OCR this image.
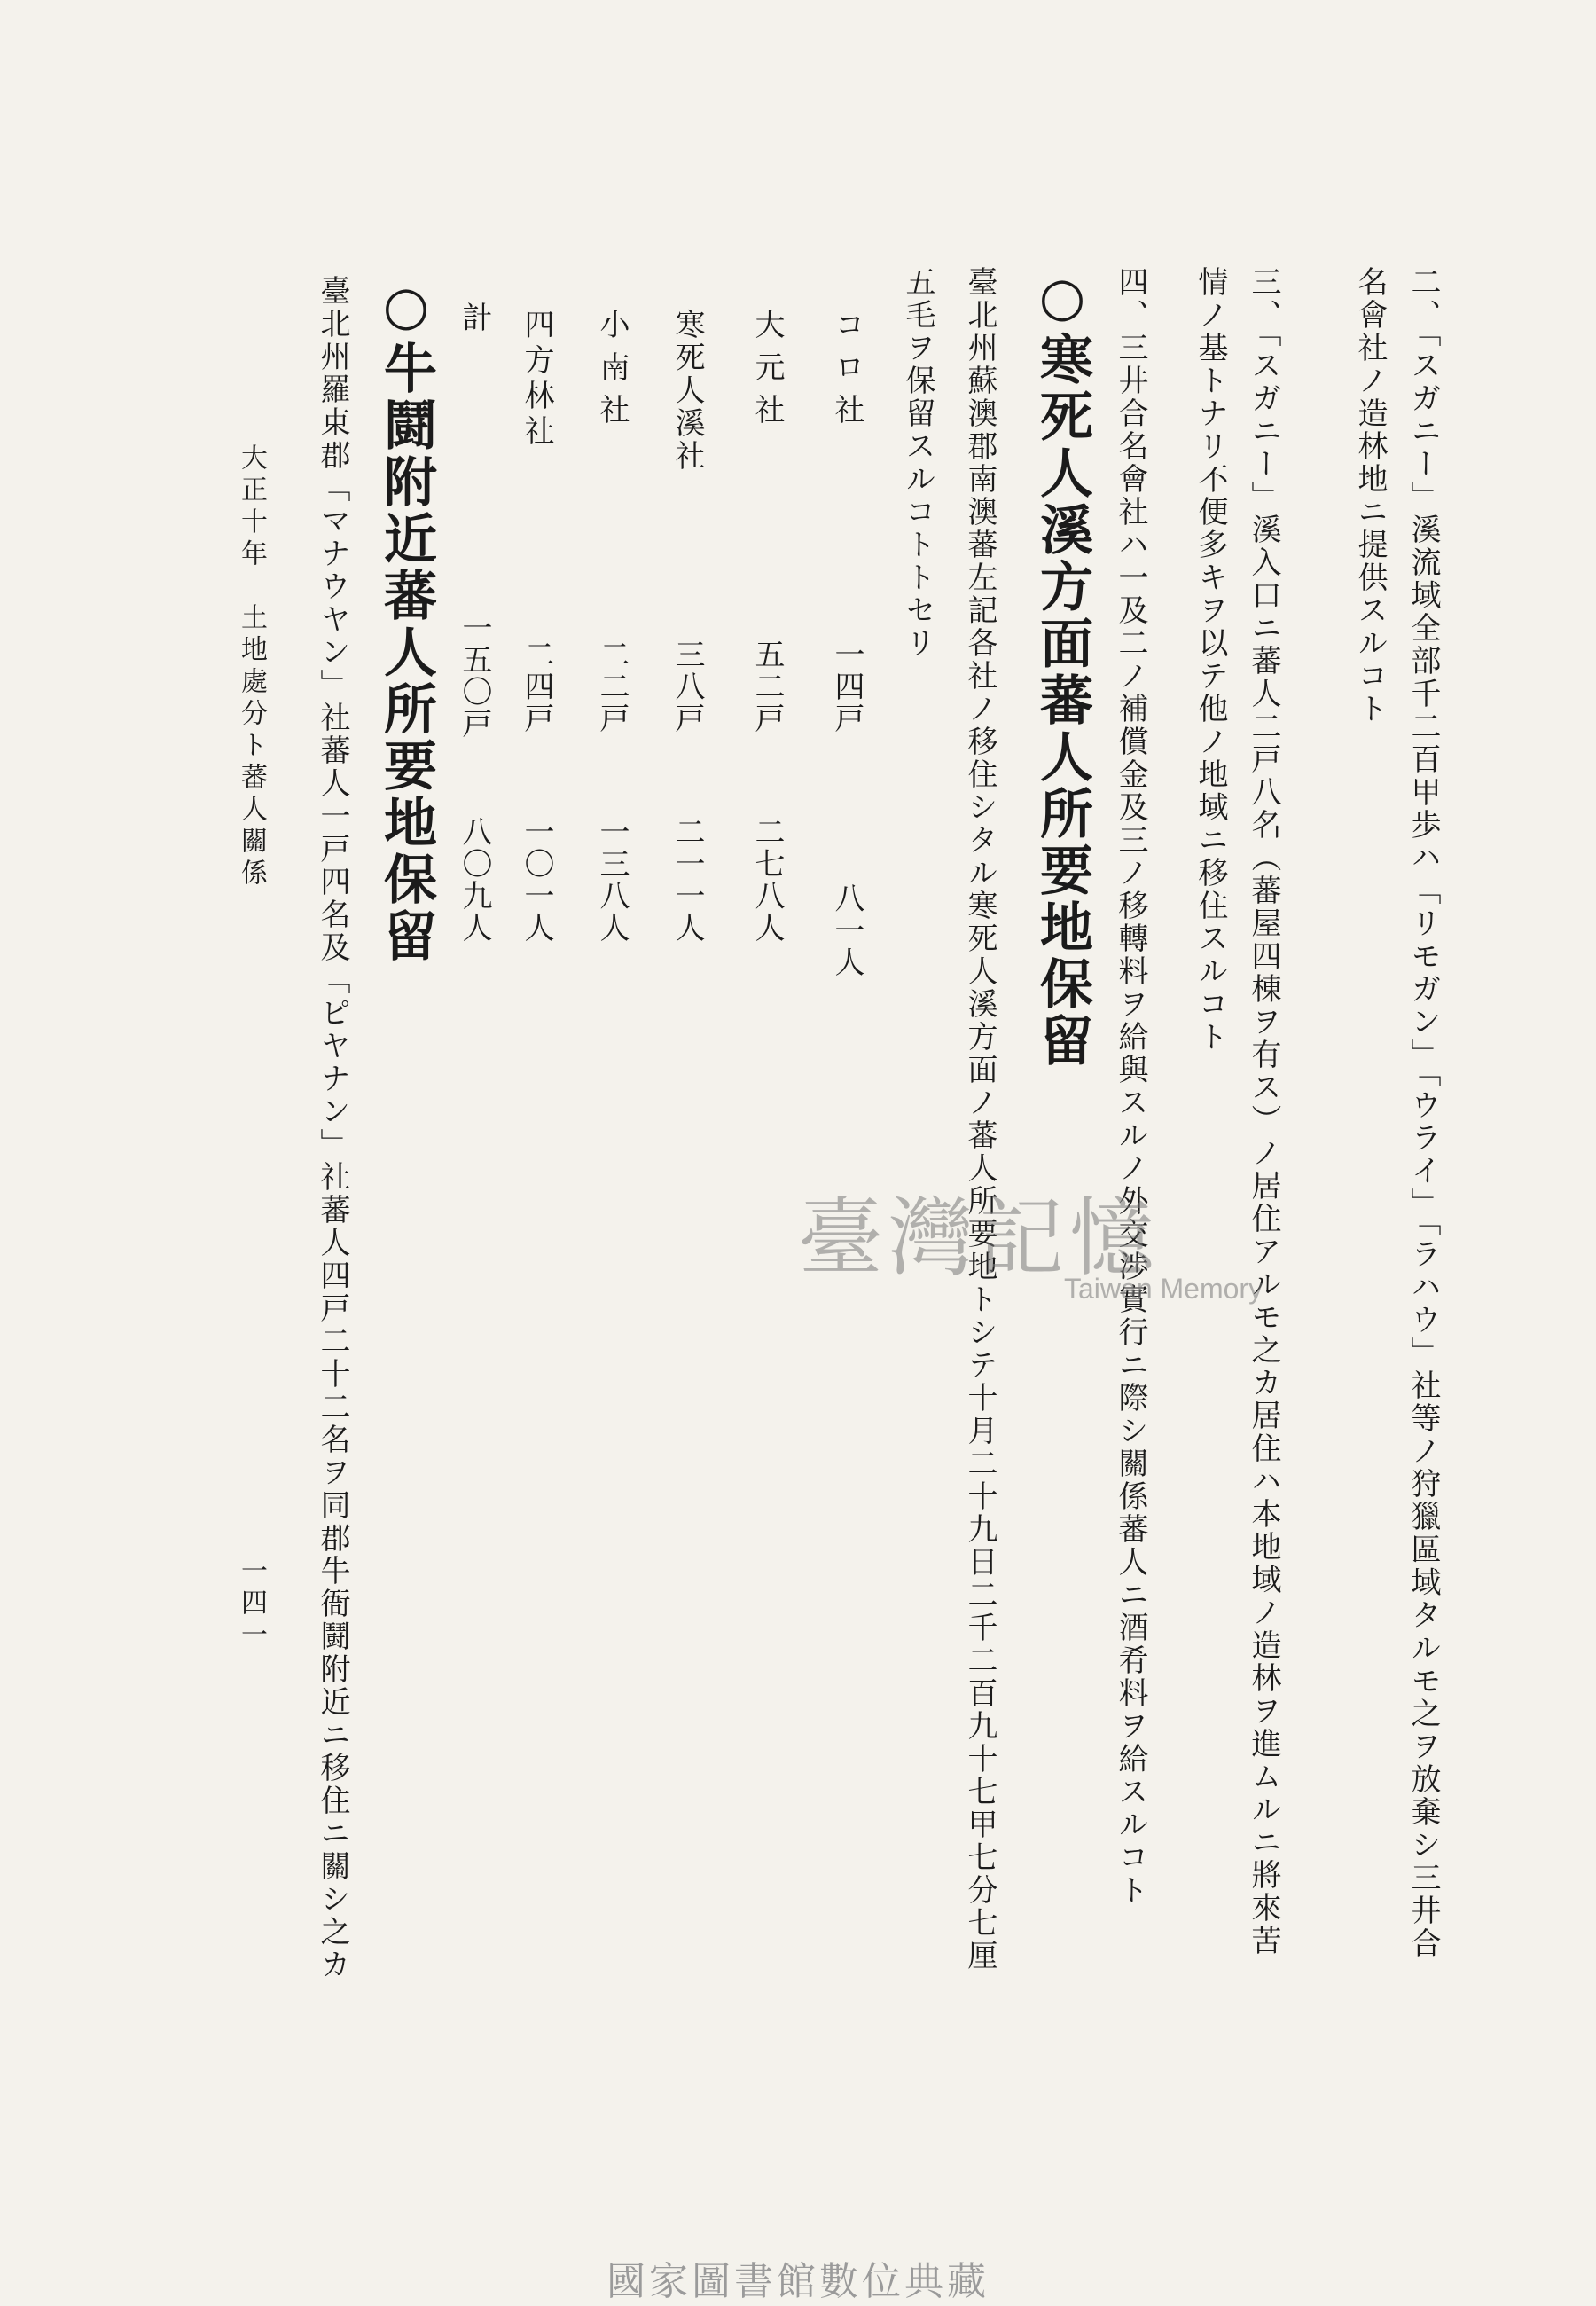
二、「スガニー」溪流域全部千二百甲歩ハ「リモガン」「ウライ」「ラハウ」社等ノ狩獵區域タルモ之ヲ放棄シ三井合
名會社ノ造林地ニ提供スルコト
三、「スガニー」溪入口ニ蕃人二戸八名（蕃屋四棟ヲ有ス）ノ居住アルモ之カ居住ハ本地域ノ造林ヲ進ムルニ將來苦
情ノ基トナリ不便多キヲ以テ他ノ地域ニ移住スルコト
四、三井合名會社ハ一及二ノ補償金及三ノ移轉料ヲ給與スルノ外交渉實行ニ際シ關係蕃人ニ酒肴料ヲ給スルコト
○寒死人溪方面蕃人所要地保留
臺北州蘇澳郡南澳蕃左記各社ノ移住シタル寒死人溪方面ノ蕃人所要地トシテ十月二十九日二千二百九十七甲七分七厘
五毛ヲ保留スルコトトセリ
コロ社
一四戸
八一人
大元社
五二戸
二七八人
寒死人溪社
三八戸
二一一人
小南社
二二戸
一三八人
四方林社
二四戸
一〇一人
計
一五〇戸
八〇九人
○牛鬪附近蕃人所要地保留
臺北州羅東郡「マナウヤン」社蕃人一戸四名及「ピヤナン」社蕃人四戸二十二名ヲ同郡牛衙鬪附近ニ移住ニ關シ之カ
大正十年　土地處分ト蕃人關係
一四一
臺灣記憶
Taiwan Memory
國家圖書館數位典藏
